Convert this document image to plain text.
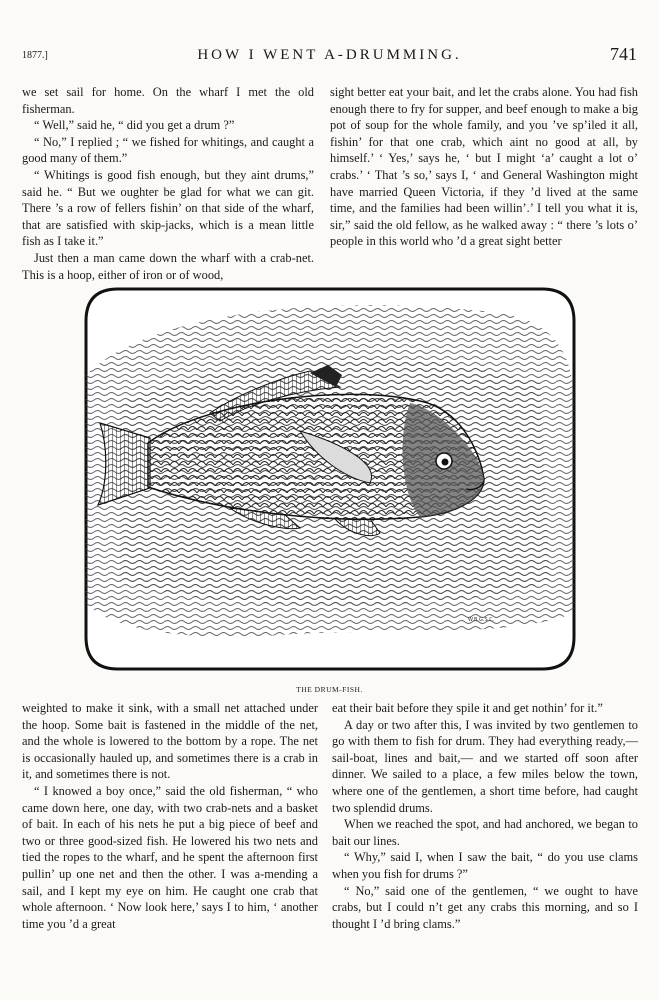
1877.]	HOW I WENT A-DRUMMING.	741

we set sail for home. On the wharf I met the old fisherman.

“ Well,” said he, “ did you get a drum ?”

“ No,” I replied ; “ we fished for whitings, and caught a good many of them.”

“ Whitings is good fish enough, but they aint drums,” said he. “ But we oughter be glad for what we can git. There ’s a row of fellers fishin’ on that side of the wharf, that are satisfied with skip-jacks, which is a mean little fish as I take it.”

Just then a man came down the wharf with a crab-net. This is a hoop, either of iron or of wood,

sight better eat your bait, and let the crabs alone. You had fish enough there to fry for supper, and beef enough to make a big pot of soup for the whole family, and you ’ve sp’iled it all, fishin’ for that one crab, which aint no good at all, by himself.’ ‘ Yes,’ says he, ‘ but I might ‘a’ caught a lot o’ crabs.’ ‘ That ’s so,’ says I, ‘ and General Washington might have married Queen Victoria, if they ’d lived at the same time, and the families had been willin’.’ I tell you what it is, sir,” said the old fellow, as he walked away : “ there ’s lots o’ people in this world who ’d a great sight better

W.B.G.S.C.
THE DRUM-FISH.

weighted to make it sink, with a small net attached under the hoop. Some bait is fastened in the middle of the net, and the whole is lowered to the bottom by a rope. The net is occasionally hauled up, and sometimes there is a crab in it, and sometimes there is not.

“ I knowed a boy once,” said the old fisherman, “ who came down here, one day, with two crab-nets and a basket of bait. In each of his nets he put a big piece of beef and two or three good-sized fish. He lowered his two nets and tied the ropes to the wharf, and he spent the afternoon first pullin’ up one net and then the other. I was a-mending a sail, and I kept my eye on him. He caught one crab that whole afternoon. ‘ Now look here,’ says I to him, ‘ another time you ’d a great

eat their bait before they spile it and get nothin’ for it.”

A day or two after this, I was invited by two gentlemen to go with them to fish for drum. They had everything ready,—sail-boat, lines and bait,— and we started off soon after dinner. We sailed to a place, a few miles below the town, where one of the gentlemen, a short time before, had caught two splendid drums.

When we reached the spot, and had anchored, we began to bait our lines.

“ Why,” said I, when I saw the bait, “ do you use clams when you fish for drums ?”

“ No,” said one of the gentlemen, “ we ought to have crabs, but I could n’t get any crabs this morning, and so I thought I ’d bring clams.”
